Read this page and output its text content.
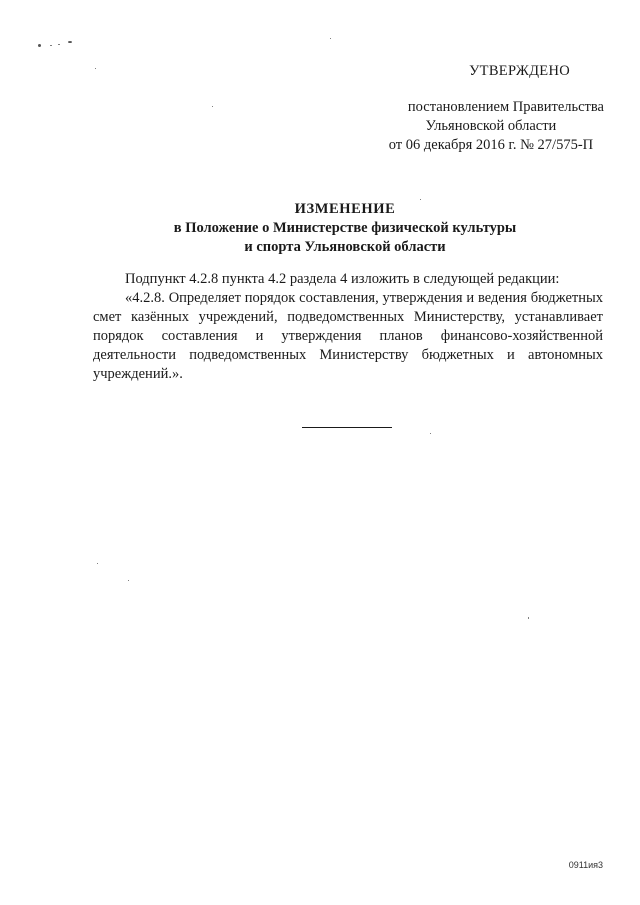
УТВЕРЖДЕНО
постановлением Правительства
Ульяновской области
от 06 декабря 2016 г. № 27/575-П
ИЗМЕНЕНИЕ
в Положение о Министерстве физической культуры
и спорта Ульяновской области

Подпункт 4.2.8 пункта 4.2 раздела 4 изложить в следующей редакции:

«4.2.8. Определяет порядок составления, утверждения и ведения бюджетных смет казённых учреждений, подведомственных Министерству, устанавливает порядок составления и утверждения планов финансово-хозяйственной деятельности подведомственных Министерству бюджетных и автономных учреждений.».

0911ия3
